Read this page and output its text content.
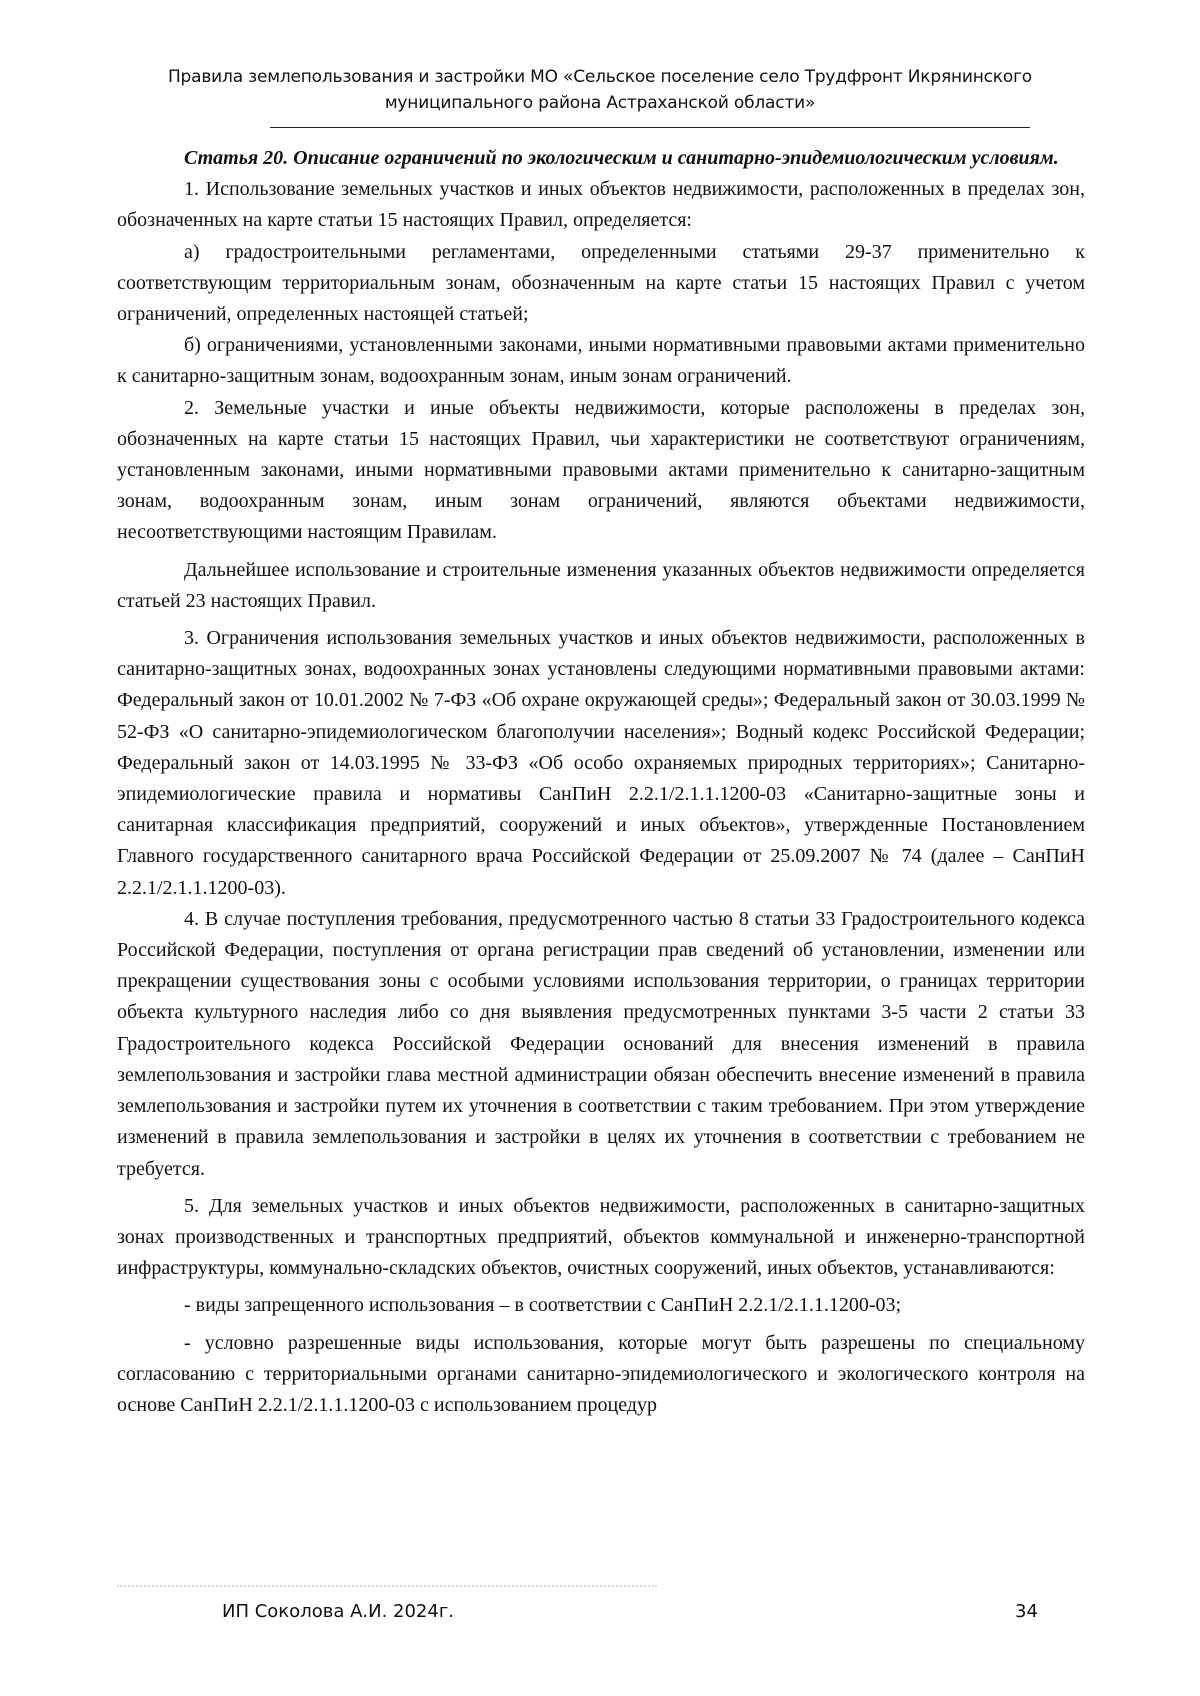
Правила землепользования и застройки МО «Сельское поселение село Трудфронт Икрянинского
муниципального района Астраханской области»

Статья 20. Описание ограничений по экологическим и санитарно-эпидемиологическим условиям.

1. Использование земельных участков и иных объектов недвижимости, расположенных в пределах зон, обозначенных на карте статьи 15 настоящих Правил, определяется:

а) градостроительными регламентами, определенными статьями 29-37 применительно к соответствующим территориальным зонам, обозначенным на карте статьи 15 настоящих Правил с учетом ограничений, определенных настоящей статьей;

б) ограничениями, установленными законами, иными нормативными правовыми актами применительно к санитарно-защитным зонам, водоохранным зонам, иным зонам ограничений.

2. Земельные участки и иные объекты недвижимости, которые расположены в пределах зон, обозначенных на карте статьи 15 настоящих Правил, чьи характеристики не соответствуют ограничениям, установленным законами, иными нормативными правовыми актами применительно к санитарно-защитным зонам, водоохранным зонам, иным зонам ограничений, являются объектами недвижимости, несоответствующими настоящим Правилам.

Дальнейшее использование и строительные изменения указанных объектов недвижимости определяется статьей 23 настоящих Правил.

3. Ограничения использования земельных участков и иных объектов недвижимости, расположенных в санитарно-защитных зонах, водоохранных зонах установлены следующими нормативными правовыми актами: Федеральный закон от 10.01.2002 № 7-ФЗ «Об охране окружающей среды»; Федеральный закон от 30.03.1999 № 52-ФЗ «О санитарно-эпидемиологическом благополучии населения»; Водный кодекс Российской Федерации; Федеральный закон от 14.03.1995 № 33-ФЗ «Об особо охраняемых природных территориях»; Санитарно-эпидемиологические правила и нормативы СанПиН 2.2.1/2.1.1.1200-03 «Санитарно-защитные зоны и санитарная классификация предприятий, сооружений и иных объектов», утвержденные Постановлением Главного государственного санитарного врача Российской Федерации от 25.09.2007 № 74 (далее – СанПиН 2.2.1/2.1.1.1200-03).

4. В случае поступления требования, предусмотренного частью 8 статьи 33 Градостроительного кодекса Российской Федерации, поступления от органа регистрации прав сведений об установлении, изменении или прекращении существования зоны с особыми условиями использования территории, о границах территории объекта культурного наследия либо со дня выявления предусмотренных пунктами 3-5 части 2 статьи 33 Градостроительного кодекса Российской Федерации оснований для внесения изменений в правила землепользования и застройки глава местной администрации обязан обеспечить внесение изменений в правила землепользования и застройки путем их уточнения в соответствии с таким требованием. При этом утверждение изменений в правила землепользования и застройки в целях их уточнения в соответствии с требованием не требуется.

5. Для земельных участков и иных объектов недвижимости, расположенных в санитарно-защитных зонах производственных и транспортных предприятий, объектов коммунальной и инженерно-транспортной инфраструктуры, коммунально-складских объектов, очистных сооружений, иных объектов, устанавливаются:

- виды запрещенного использования – в соответствии с СанПиН 2.2.1/2.1.1.1200-03;

- условно разрешенные виды использования, которые могут быть разрешены по специальному согласованию с территориальными органами санитарно-эпидемиологического и экологического контроля на основе СанПиН 2.2.1/2.1.1.1200-03 с использованием процедур

ИП Соколова А.И. 2024г.	34
